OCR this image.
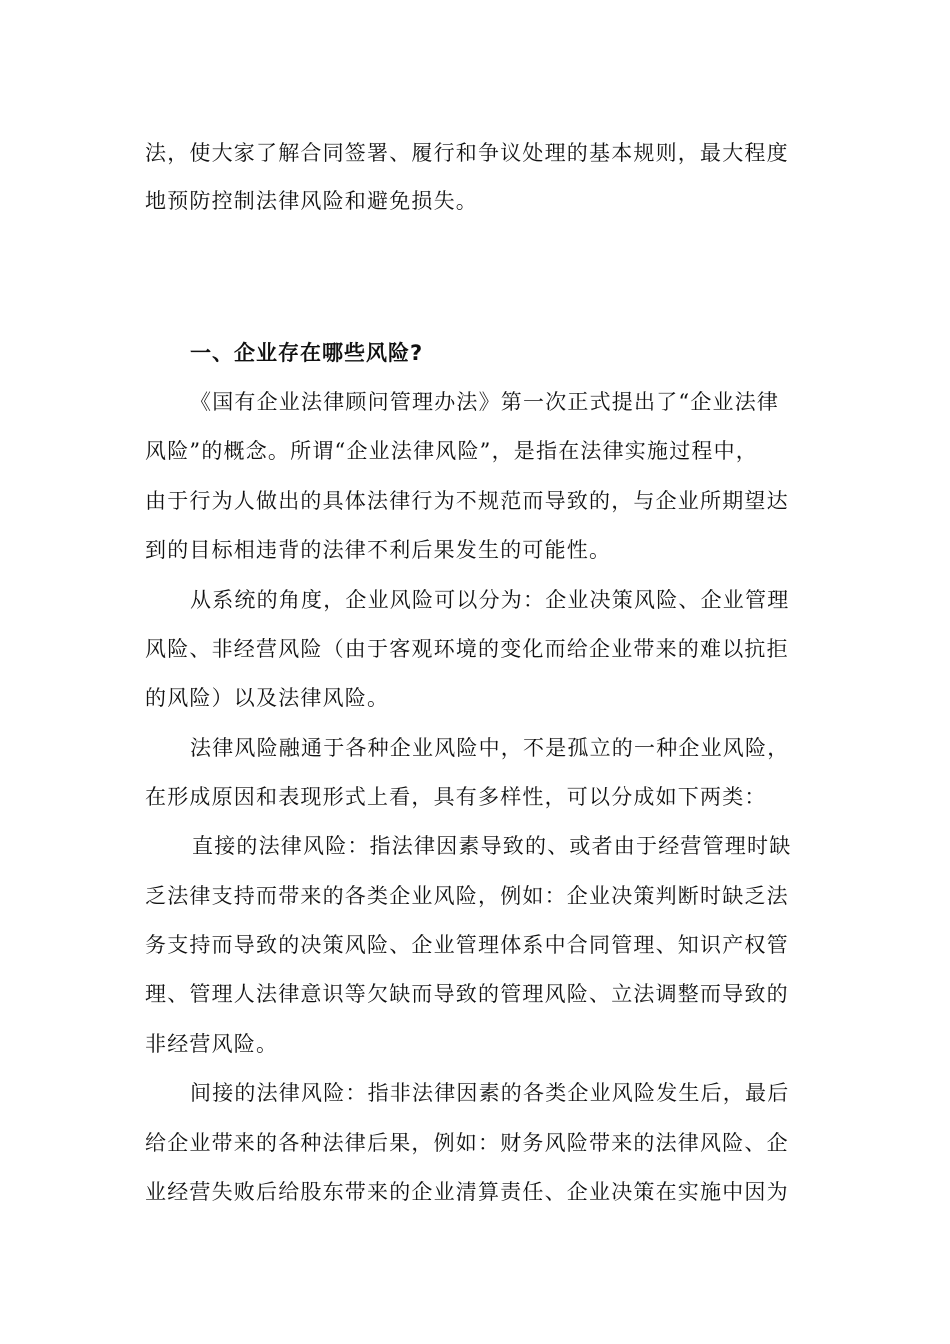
法，使大家了解合同签署、履行和争议处理的基本规则，最大程度
地预防控制法律风险和避免损失。
一、企业存在哪些风险?
《国有企业法律顾问管理办法》第一次正式提出了“企业法律
风险”的概念。所谓“企业法律风险”，是指在法律实施过程中，
由于行为人做出的具体法律行为不规范而导致的，与企业所期望达
到的目标相违背的法律不利后果发生的可能性。
从系统的角度，企业风险可以分为：企业决策风险、企业管理
风险、非经营风险（由于客观环境的变化而给企业带来的难以抗拒
的风险）以及法律风险。
法律风险融通于各种企业风险中，不是孤立的一种企业风险，
在形成原因和表现形式上看，具有多样性，可以分成如下两类：
直接的法律风险：指法律因素导致的、或者由于经营管理时缺
乏法律支持而带来的各类企业风险，例如：企业决策判断时缺乏法
务支持而导致的决策风险、企业管理体系中合同管理、知识产权管
理、管理人法律意识等欠缺而导致的管理风险、立法调整而导致的
非经营风险。
间接的法律风险：指非法律因素的各类企业风险发生后，最后
给企业带来的各种法律后果，例如：财务风险带来的法律风险、企
业经营失败后给股东带来的企业清算责任、企业决策在实施中因为
